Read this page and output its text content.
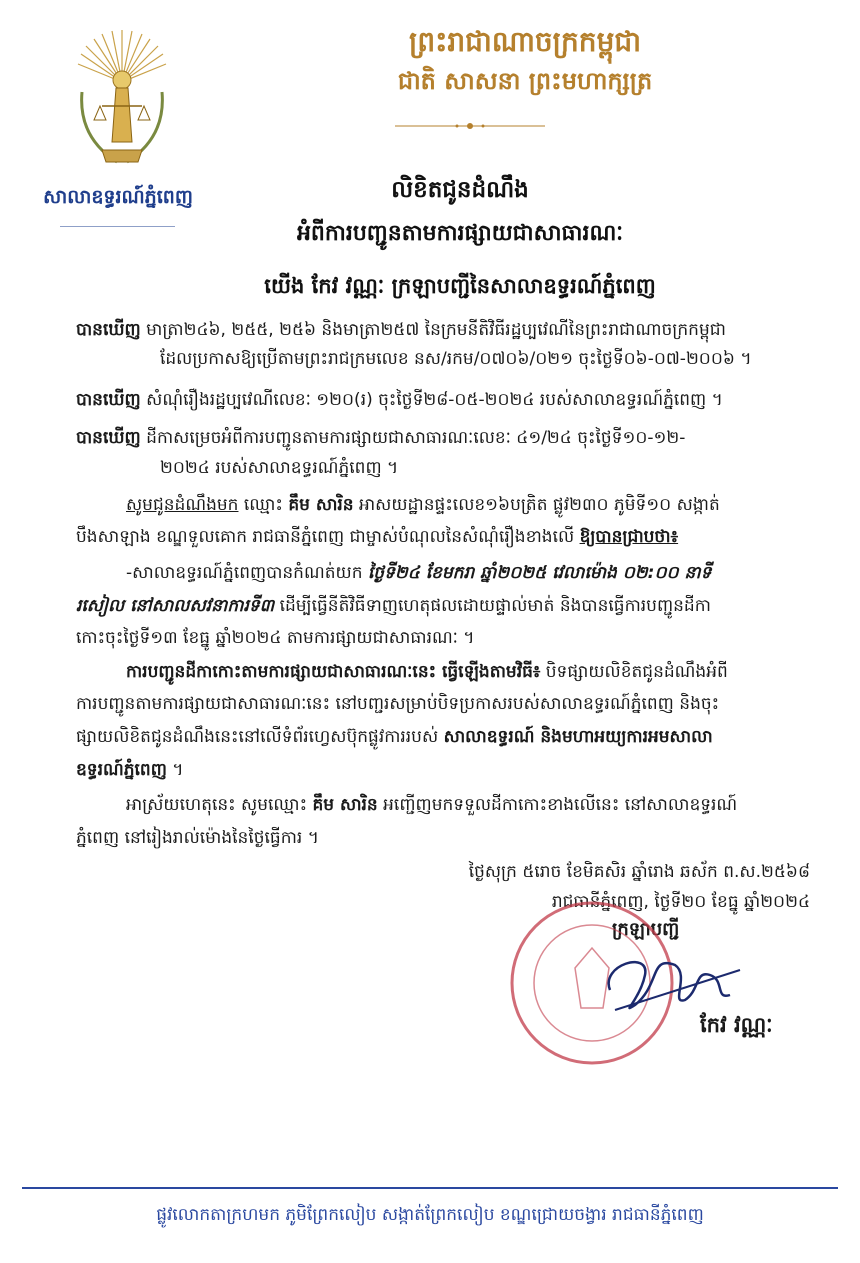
សាលាឧទ្ធរណ៍ភ្នំពេញ
ព្រះរាជាណាចក្រកម្ពុជា
ជាតិ សាសនា ព្រះមហាក្សត្រ
លិខិតជូនដំណឹង
អំពីការបញ្ជូនតាមការផ្សាយជាសាធារណៈ
យើង កែវ វណ្ណៈ ក្រឡាបញ្ជីនៃសាលាឧទ្ធរណ៍ភ្នំពេញ
បានឃើញ មាត្រា២៤៦, ២៥៥, ២៥៦ និងមាត្រា២៥៧ នៃក្រមនីតិវិធីរដ្ឋប្បវេណីនៃព្រះរាជាណាចក្រកម្ពុជា
ដែលប្រកាសឱ្យប្រើតាមព្រះរាជក្រមលេខ នស/រកម/០៧០៦/០២១ ចុះថ្ងៃទី០៦-០៧-២០០៦ ។
បានឃើញ សំណុំរឿងរដ្ឋប្បវេណីលេខៈ ១២០(រ) ចុះថ្ងៃទី២៨-០៥-២០២៤ របស់សាលាឧទ្ធរណ៍ភ្នំពេញ ។
បានឃើញ ដីកាសម្រេចអំពីការបញ្ជូនតាមការផ្សាយជាសាធារណៈលេខៈ ៤១/២៤ ចុះថ្ងៃទី១០-១២-
២០២៤ របស់សាលាឧទ្ធរណ៍ភ្នំពេញ ។
សូមជូនដំណឹងមក ឈ្មោះ គឹម សារិន អាសយដ្ឋានផ្ទះលេខ១៦បត្រិត ផ្លូវ២៣០ ភូមិទី១០ សង្កាត់
បឹងសាឡាង ខណ្ឌទួលគោក រាជធានីភ្នំពេញ ជាម្ចាស់បំណុលនៃសំណុំរឿងខាងលើ ឱ្យបានជ្រាបថា៖
-សាលាឧទ្ធរណ៍ភ្នំពេញបានកំណត់យក ថ្ងៃទី២៤ ខែមករា ឆ្នាំ២០២៥ វេលាម៉ោង ០២:០០ នាទី
រសៀល នៅសាលសវនាការទី៣ ដើម្បីធ្វើនីតិវិធីទាញហេតុផលដោយផ្ទាល់មាត់ និងបានធ្វើការបញ្ជូនដីកា
កោះចុះថ្ងៃទី១៣ ខែធ្នូ ឆ្នាំ២០២៤ តាមការផ្សាយជាសាធារណៈ ។
ការបញ្ជូនដីកាកោះតាមការផ្សាយជាសាធារណៈនេះ ធ្វើឡើងតាមវិធី៖ បិទផ្សាយលិខិតជូនដំណឹងអំពី
ការបញ្ជូនតាមការផ្សាយជាសាធារណៈនេះ នៅបញ្ជរសម្រាប់បិទប្រកាសរបស់សាលាឧទ្ធរណ៍ភ្នំពេញ និងចុះ
ផ្សាយលិខិតជូនដំណឹងនេះនៅលើទំព័រហ្វេសប៊ុកផ្លូវការរបស់ សាលាឧទ្ធរណ៍ និងមហាអយ្យការអមសាលា
ឧទ្ធរណ៍ភ្នំពេញ ។
អាស្រ័យហេតុនេះ សូមឈ្មោះ គឹម សារិន អញ្ជើញមកទទួលដីកាកោះខាងលើនេះ នៅសាលាឧទ្ធរណ៍
ភ្នំពេញ នៅរៀងរាល់ម៉ោងនៃថ្ងៃធ្វើការ ។
ថ្ងៃសុក្រ ៥រោច ខែមិគសិរ ឆ្នាំរោង ឆស័ក ព.ស.២៥៦៨
រាជធានីភ្នំពេញ, ថ្ងៃទី២០ ខែធ្នូ ឆ្នាំ២០២៤
ក្រឡាបញ្ជី
កែវ វណ្ណៈ
ផ្លូវលោកតាក្រហមក ភូមិព្រែកលៀប សង្កាត់ព្រែកលៀប ខណ្ឌជ្រោយចង្វារ រាជធានីភ្នំពេញ
